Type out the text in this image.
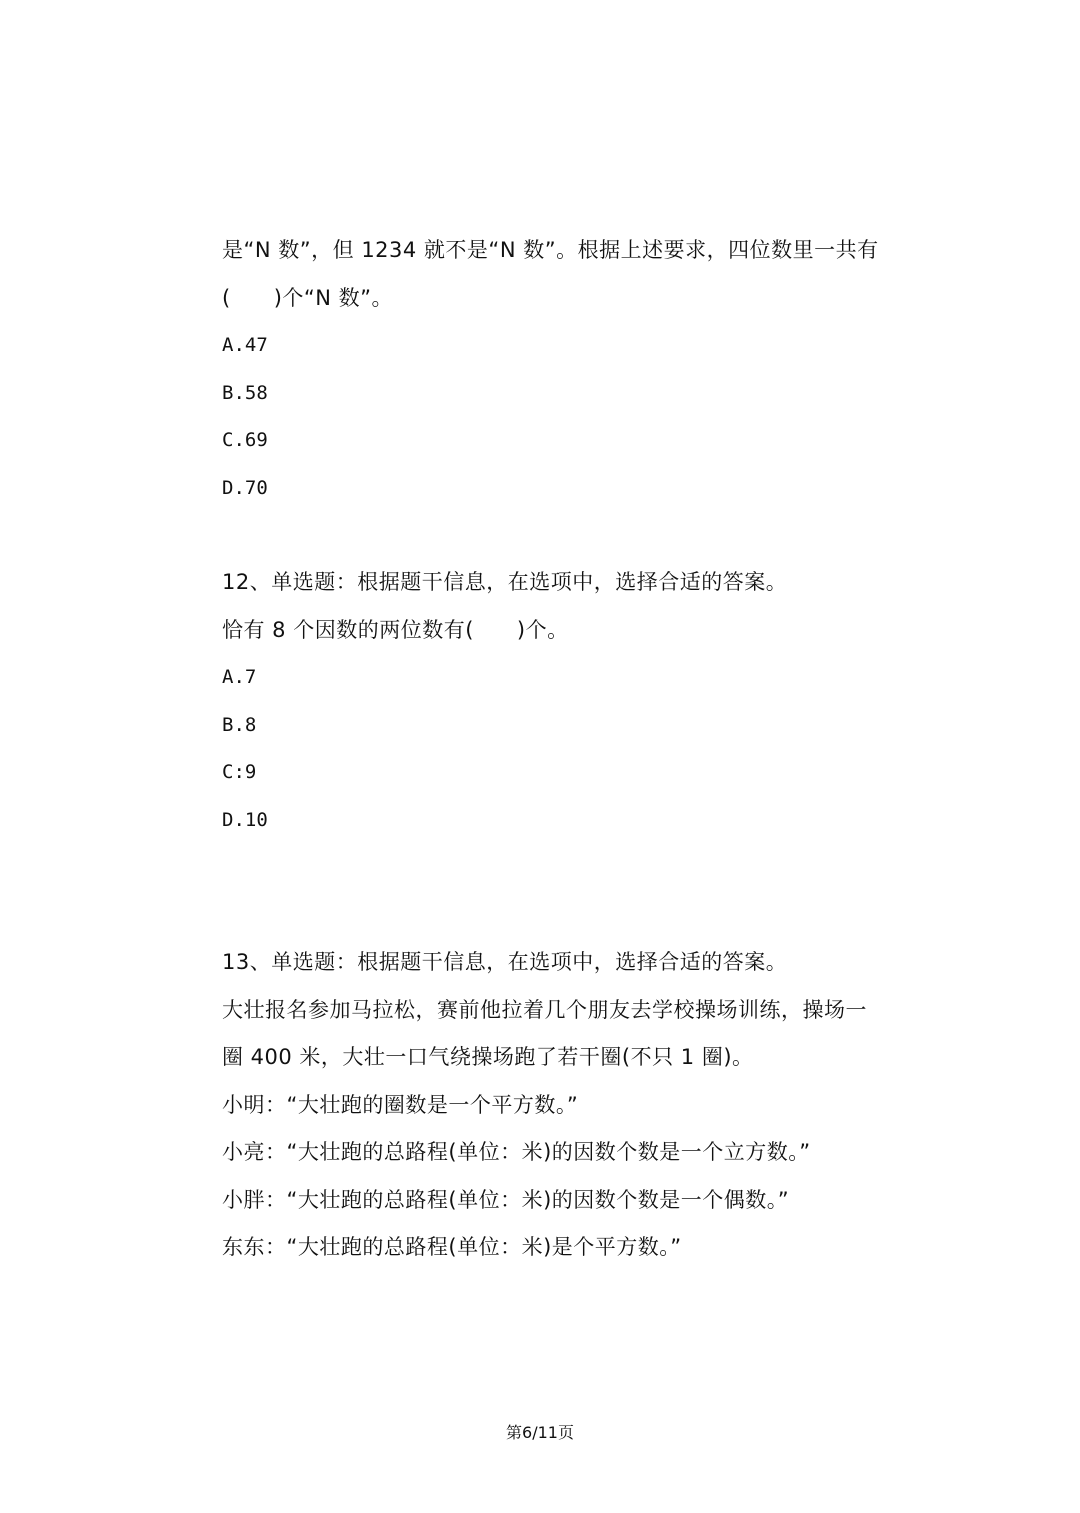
是“N 数”，但 1234 就不是“N 数”。根据上述要求，四位数里一共有
(　　)个“N 数”。
A.47
B.58
C.69
D.70
12、单选题：根据题干信息，在选项中，选择合适的答案。
恰有 8 个因数的两位数有(　　)个。
A.7
B.8
C:9
D.10
13、单选题：根据题干信息，在选项中，选择合适的答案。
大壮报名参加马拉松，赛前他拉着几个朋友去学校操场训练，操场一
圈 400 米，大壮一口气绕操场跑了若干圈(不只 1 圈)。
小明：“大壮跑的圈数是一个平方数。”
小亮：“大壮跑的总路程(单位：米)的因数个数是一个立方数。”
小胖：“大壮跑的总路程(单位：米)的因数个数是一个偶数。”
东东：“大壮跑的总路程(单位：米)是个平方数。”
第6/11页
